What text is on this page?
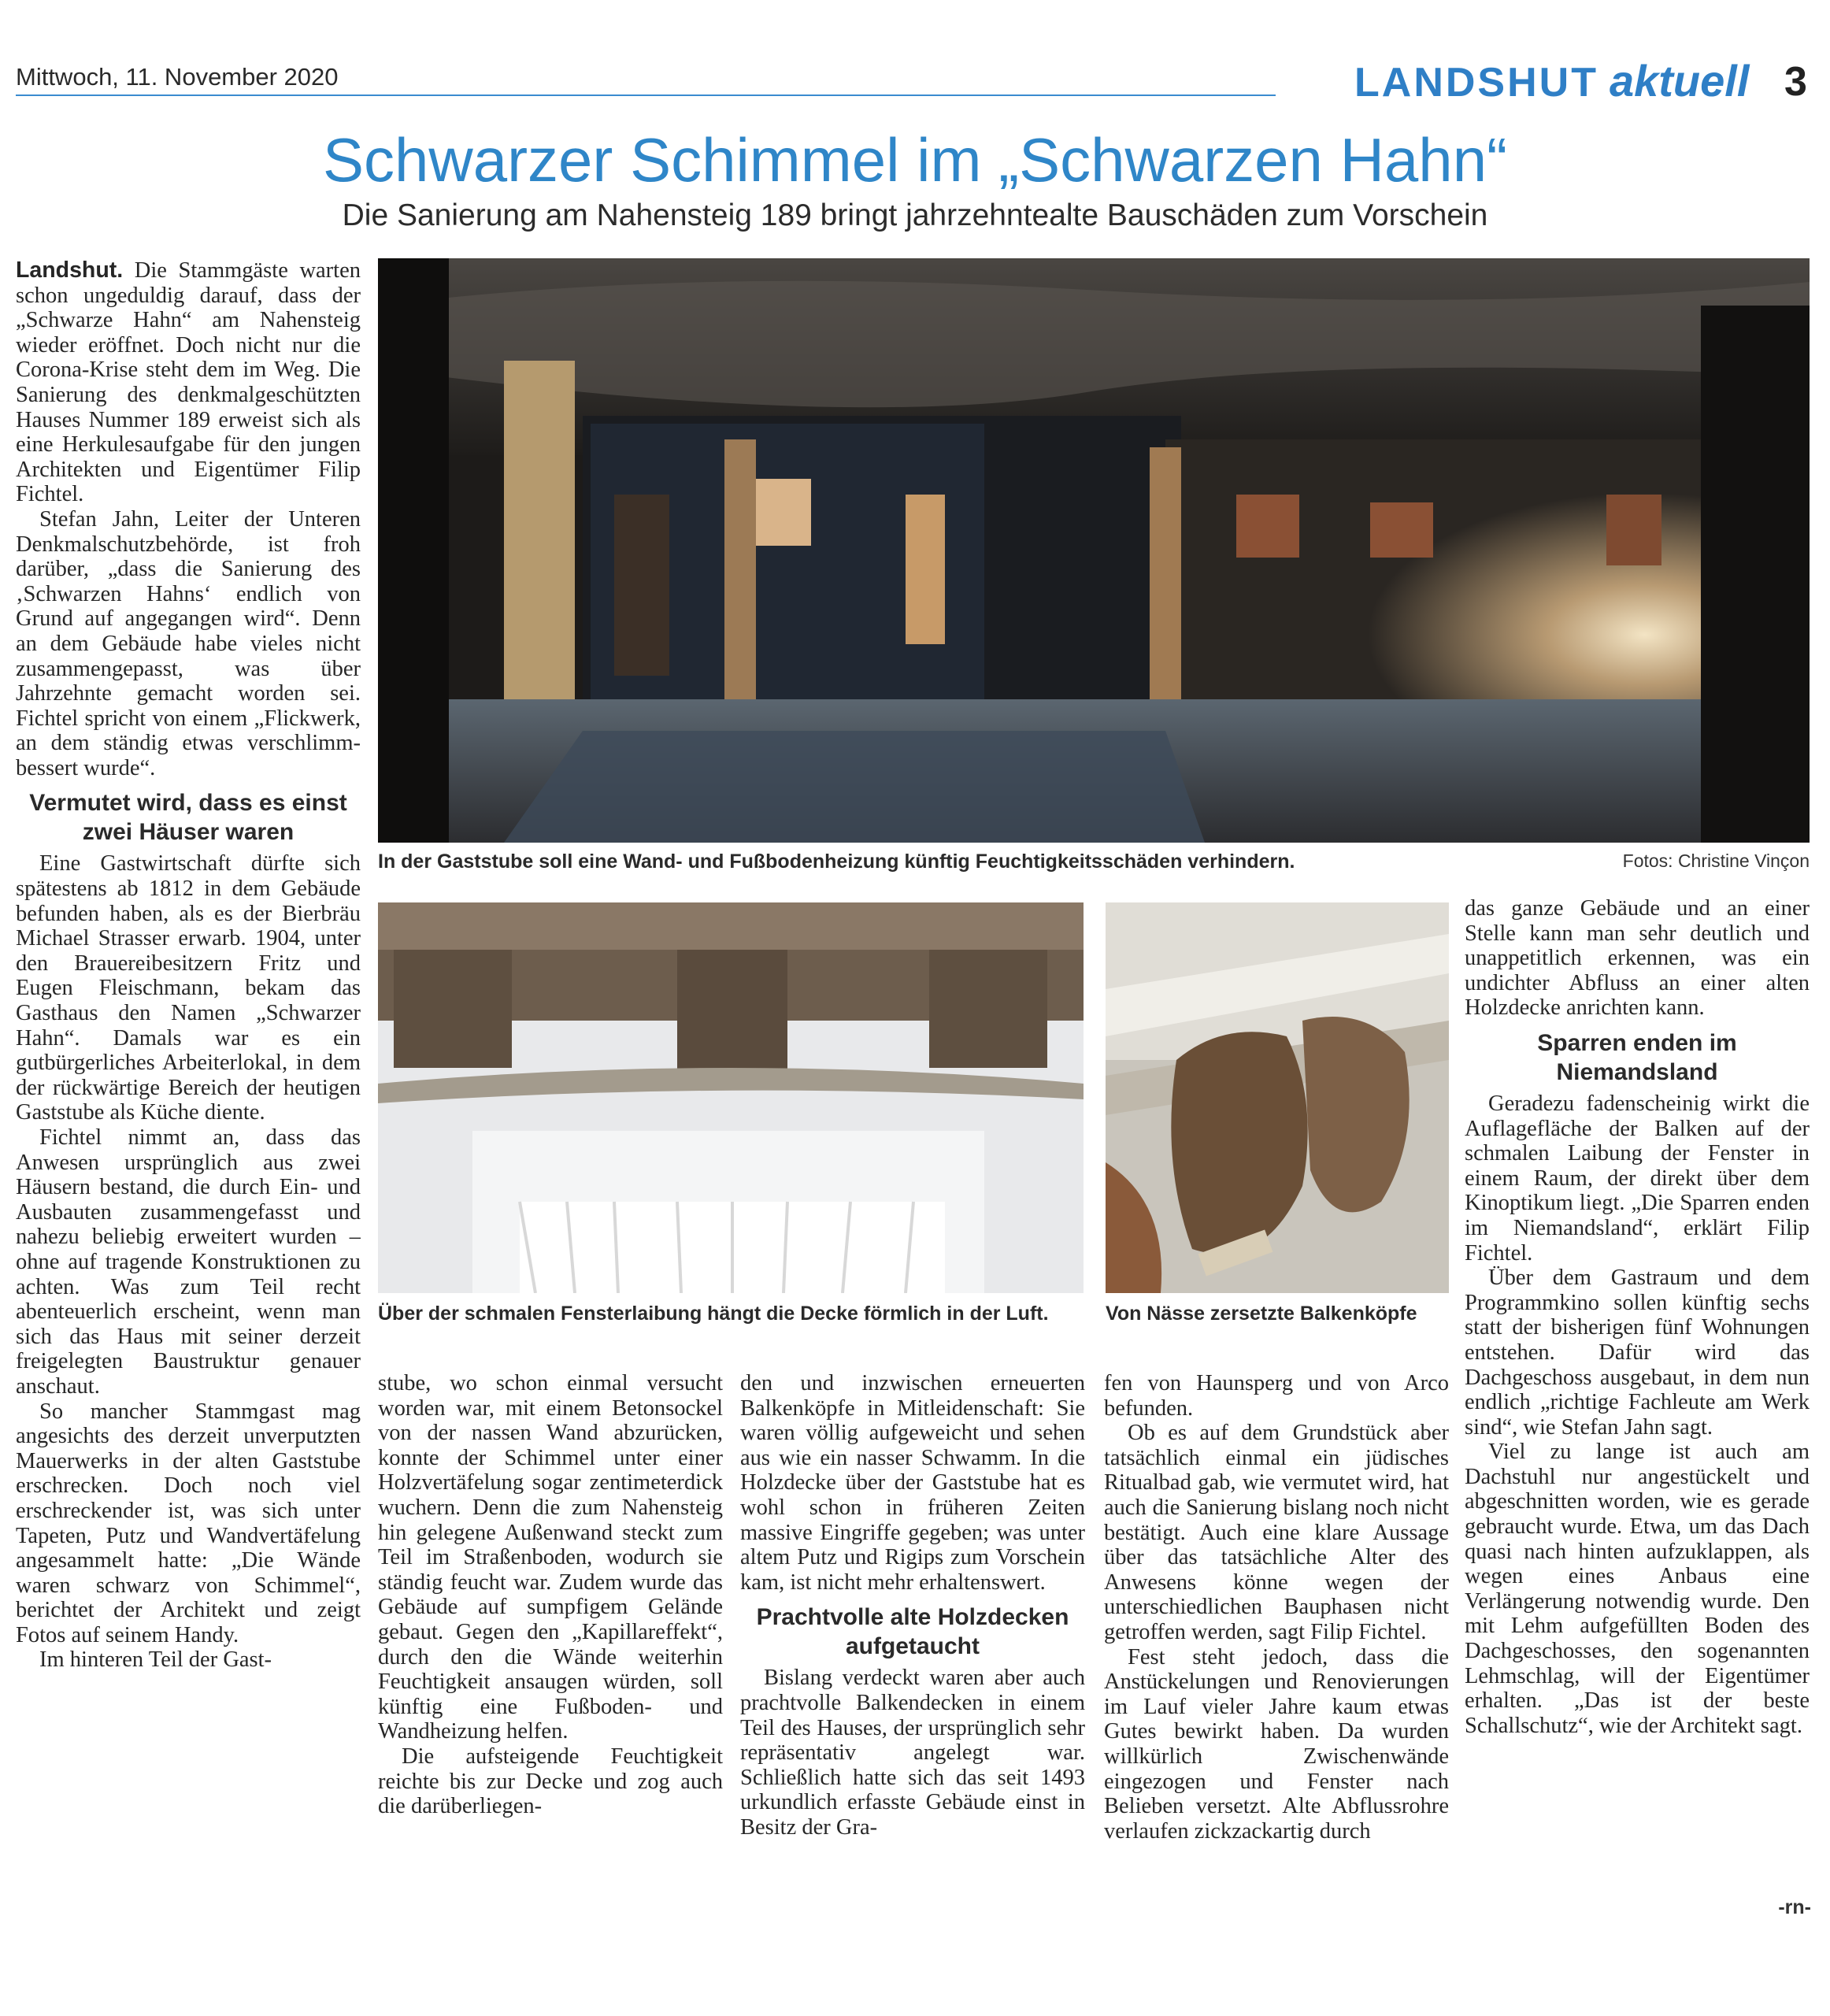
Mittwoch, 11. November 2020	LANDSHUT aktuell 3
Schwarzer Schimmel im „Schwarzen Hahn“
Die Sanierung am Nahensteig 189 bringt jahrzehntealte Bauschäden zum Vorschein

Landshut. Die Stammgäste warten schon ungeduldig darauf, dass der „Schwarze Hahn“ am Nahensteig wieder eröffnet. Doch nicht nur die Corona-Krise steht dem im Weg. Die Sanierung des denkmalgeschützten Hauses Nummer 189 erweist sich als eine Herkulesaufgabe für den jungen Architekten und Eigentümer Filip Fichtel.

Stefan Jahn, Leiter der Unteren Denkmalschutzbehörde, ist froh darüber, „dass die Sanierung des ‚Schwarzen Hahns‘ endlich von Grund auf angegangen wird“. Denn an dem Gebäude habe vieles nicht zusammengepasst, was über Jahrzehnte gemacht worden sei. Fichtel spricht von einem „Flickwerk, an dem ständig etwas verschlimm-bessert wurde“.

Vermutet wird, dass es einst zwei Häuser waren

Eine Gastwirtschaft dürfte sich spätestens ab 1812 in dem Gebäude befunden haben, als es der Bierbräu Michael Strasser erwarb. 1904, unter den Brauereibesitzern Fritz und Eugen Fleischmann, bekam das Gasthaus den Namen „Schwarzer Hahn“. Damals war es ein gutbürgerliches Arbeiterlokal, in dem der rückwärtige Bereich der heutigen Gaststube als Küche diente.

Fichtel nimmt an, dass das Anwesen ursprünglich aus zwei Häusern bestand, die durch Ein- und Ausbauten zusammengefasst und nahezu beliebig erweitert wurden – ohne auf tragende Konstruktionen zu achten. Was zum Teil recht abenteuerlich erscheint, wenn man sich das Haus mit seiner derzeit freigelegten Baustruktur genauer anschaut.

So mancher Stammgast mag angesichts des derzeit unverputzten Mauerwerks in der alten Gaststube erschrecken. Doch noch viel erschreckender ist, was sich unter Tapeten, Putz und Wandvertäfelung angesammelt hatte: „Die Wände waren schwarz von Schimmel“, berichtet der Architekt und zeigt Fotos auf seinem Handy.

Im hinteren Teil der Gast-

In der Gaststube soll eine Wand- und Fußbodenheizung künftig Feuchtigkeitsschäden verhindern.	Fotos: Christine Vinçon
Über der schmalen Fensterlaibung hängt die Decke förmlich in der Luft.	Von Nässe zersetzte Balkenköpfe

stube, wo schon einmal versucht worden war, mit einem Betonsockel von der nassen Wand abzurücken, konnte der Schimmel unter einer Holzvertäfelung sogar zentimeterdick wuchern. Denn die zum Nahensteig hin gelegene Außenwand steckt zum Teil im Straßenboden, wodurch sie ständig feucht war. Zudem wurde das Gebäude auf sumpfigem Gelände gebaut. Gegen den „Kapillareffekt“, durch den die Wände weiterhin Feuchtigkeit ansaugen würden, soll künftig eine Fußboden- und Wandheizung helfen.

Die aufsteigende Feuchtigkeit reichte bis zur Decke und zog auch die darüberliegen-

den und inzwischen erneuerten Balkenköpfe in Mitleidenschaft: Sie waren völlig aufgeweicht und sehen aus wie ein nasser Schwamm. In die Holzdecke über der Gaststube hat es wohl schon in früheren Zeiten massive Eingriffe gegeben; was unter altem Putz und Rigips zum Vorschein kam, ist nicht mehr erhaltenswert.

Prachtvolle alte Holzdecken aufgetaucht

Bislang verdeckt waren aber auch prachtvolle Balkendecken in einem Teil des Hauses, der ursprünglich sehr repräsentativ angelegt war. Schließlich hatte sich das seit 1493 urkundlich erfasste Gebäude einst in Besitz der Gra-

fen von Haunsperg und von Arco befunden.

Ob es auf dem Grundstück aber tatsächlich einmal ein jüdisches Ritualbad gab, wie vermutet wird, hat auch die Sanierung bislang noch nicht bestätigt. Auch eine klare Aussage über das tatsächliche Alter des Anwesens könne wegen der unterschiedlichen Bauphasen nicht getroffen werden, sagt Filip Fichtel.

Fest steht jedoch, dass die Anstückelungen und Renovierungen im Lauf vieler Jahre kaum etwas Gutes bewirkt haben. Da wurden willkürlich Zwischenwände eingezogen und Fenster nach Belieben versetzt. Alte Abflussrohre verlaufen zickzackartig durch

das ganze Gebäude und an einer Stelle kann man sehr deutlich und unappetitlich erkennen, was ein undichter Abfluss an einer alten Holzdecke anrichten kann.

Sparren enden im Niemandsland

Geradezu fadenscheinig wirkt die Auflagefläche der Balken auf der schmalen Laibung der Fenster in einem Raum, der direkt über dem Kinoptikum liegt. „Die Sparren enden im Niemandsland“, erklärt Filip Fichtel.

Über dem Gastraum und dem Programmkino sollen künftig sechs statt der bisherigen fünf Wohnungen entstehen. Dafür wird das Dachgeschoss ausgebaut, in dem nun endlich „richtige Fachleute am Werk sind“, wie Stefan Jahn sagt.

Viel zu lange ist auch am Dachstuhl nur angestückelt und abgeschnitten worden, wie es gerade gebraucht wurde. Etwa, um das Dach quasi nach hinten aufzuklappen, als wegen eines Anbaus eine Verlängerung notwendig wurde. Den mit Lehm aufgefüllten Boden des Dachgeschosses, den sogenannten Lehmschlag, will der Eigentümer erhalten. „Das ist der beste Schallschutz“, wie der Architekt sagt.

-rn-
